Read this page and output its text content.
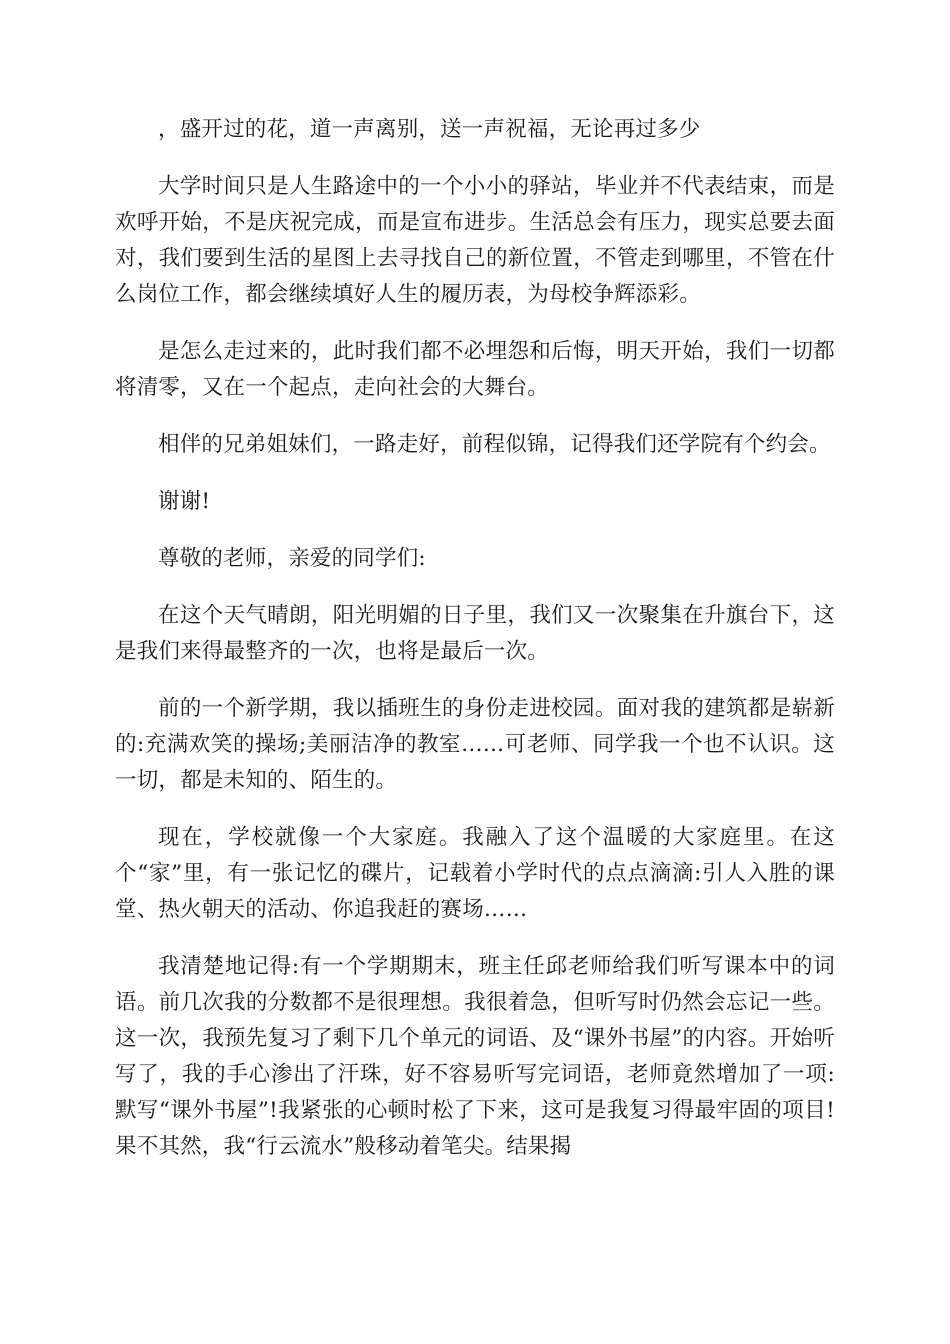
，盛开过的花，道一声离别，送一声祝福，无论再过多少

大学时间只是人生路途中的一个小小的驿站，毕业并不代表结束，而是欢呼开始，不是庆祝完成，而是宣布进步。生活总会有压力，现实总要去面对，我们要到生活的星图上去寻找自己的新位置，不管走到哪里，不管在什么岗位工作，都会继续填好人生的履历表，为母校争辉添彩。

是怎么走过来的，此时我们都不必埋怨和后悔，明天开始，我们一切都将清零，又在一个起点，走向社会的大舞台。

相伴的兄弟姐妹们，一路走好，前程似锦，记得我们还学院有个约会。

谢谢!

尊敬的老师，亲爱的同学们:

在这个天气晴朗，阳光明媚的日子里，我们又一次聚集在升旗台下，这是我们来得最整齐的一次，也将是最后一次。

前的一个新学期，我以插班生的身份走进校园。面对我的建筑都是崭新的:充满欢笑的操场;美丽洁净的教室……可老师、同学我一个也不认识。这一切，都是未知的、陌生的。

现在，学校就像一个大家庭。我融入了这个温暖的大家庭里。在这个“家”里，有一张记忆的碟片，记载着小学时代的点点滴滴:引人入胜的课堂、热火朝天的活动、你追我赶的赛场……

我清楚地记得:有一个学期期末，班主任邱老师给我们听写课本中的词语。前几次我的分数都不是很理想。我很着急，但听写时仍然会忘记一些。这一次，我预先复习了剩下几个单元的词语、及“课外书屋”的内容。开始听写了，我的手心渗出了汗珠，好不容易听写完词语，老师竟然增加了一项:默写“课外书屋”!我紧张的心顿时松了下来，这可是我复习得最牢固的项目!果不其然，我“行云流水”般移动着笔尖。结果揭
